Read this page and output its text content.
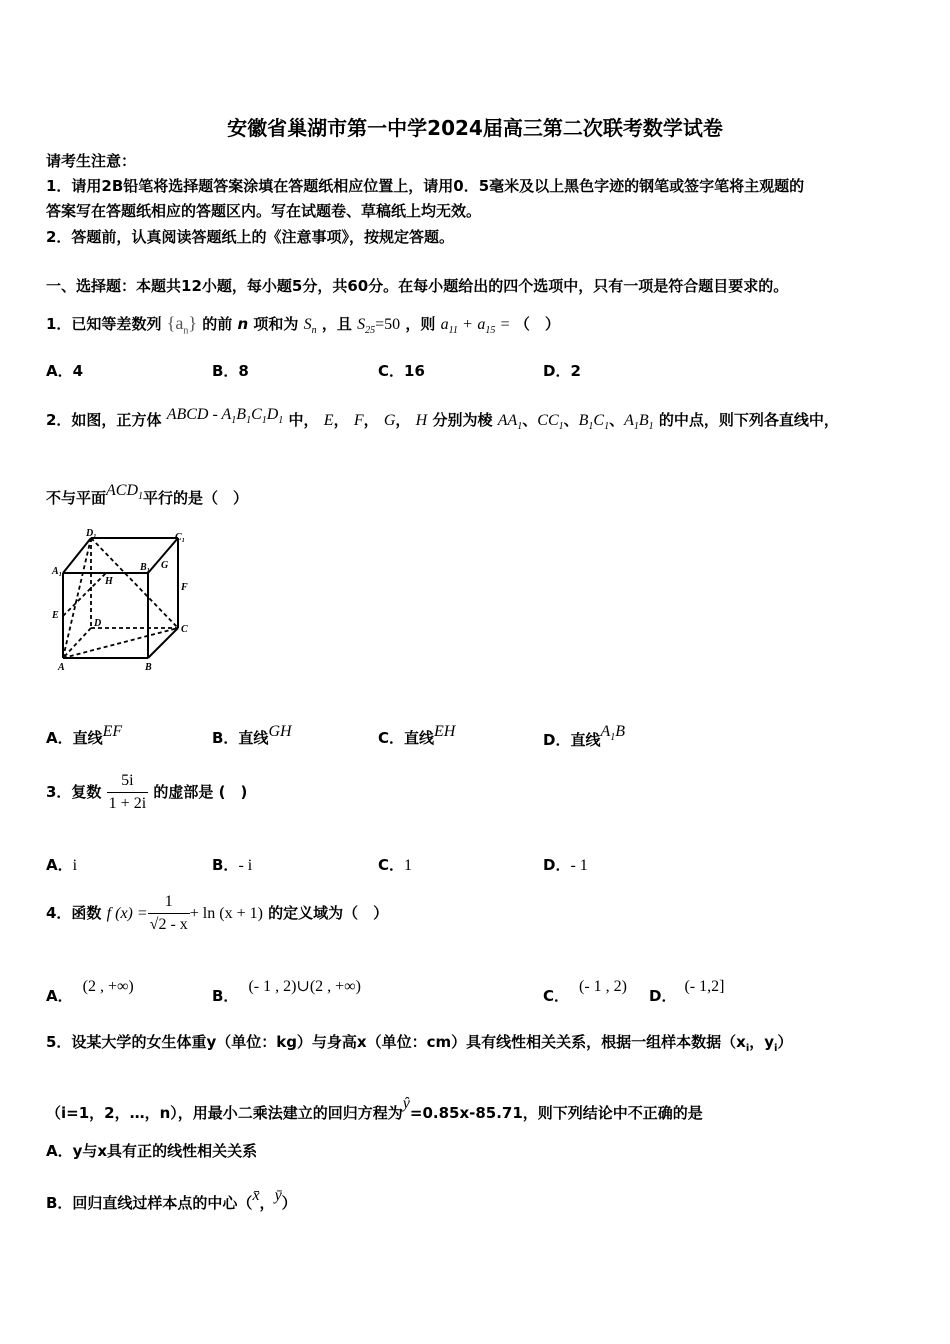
安徽省巢湖市第一中学2024届高三第二次联考数学试卷
请考生注意：
1．请用2B铅笔将选择题答案涂填在答题纸相应位置上，请用0．5毫米及以上黑色字迹的钢笔或签字笔将主观题的
答案写在答题纸相应的答题区内。写在试题卷、草稿纸上均无效。
2．答题前，认真阅读答题纸上的《注意事项》，按规定答题。
一、选择题：本题共12小题，每小题5分，共60分。在每小题给出的四个选项中，只有一项是符合题目要求的。
1．已知等差数列 $\{a_n\}$ 的前 n 项和为 $S_n$ ，且 $S_{25}=50$ ，则 $a_{11} + a_{15}$ = （　）
A．4	B．8	C．16	D．2
2．如图，正方体 ABCD - $A_1B_1C_1D_1$ 中， E， F， G， H 分别为棱 $AA_1$、$CC_1$、$B_1C_1$、$A_1B_1$ 的中点，则下列各直线中，
不与平面$ACD_1$平行的是（　）
D₁	C₁
A₁	B₁ G
H
F
E
D
C
A	B
A．直线EF	B．直线GH	C．直线EH	D．直线$A_1B$
3．复数 $\frac{5i}{1 + 2i}$ 的虚部是 (　)
A．i	B．- i	C．1	D．- 1
4．函数 f $(x) = \frac{1}{√2 - x} + \ln (x + 1)$ 的定义域为（　）
A．(2 , +∞)
B．(- 1 , 2)∪(2 , +∞)
C．(- 1 , 2)
D．(- 1,2]
5．设某大学的女生体重y（单位：kg）与身高x（单位：cm）具有线性相关关系，根据一组样本数据（$x_i$，$y_i$）
（i=1，2，…，n），用最小二乘法建立的回归方程为ŷ=0.85x-85.71，则下列结论中不正确的是
A．y与x具有正的线性相关关系
B．回归直线过样本点的中心（x̄，ȳ）
